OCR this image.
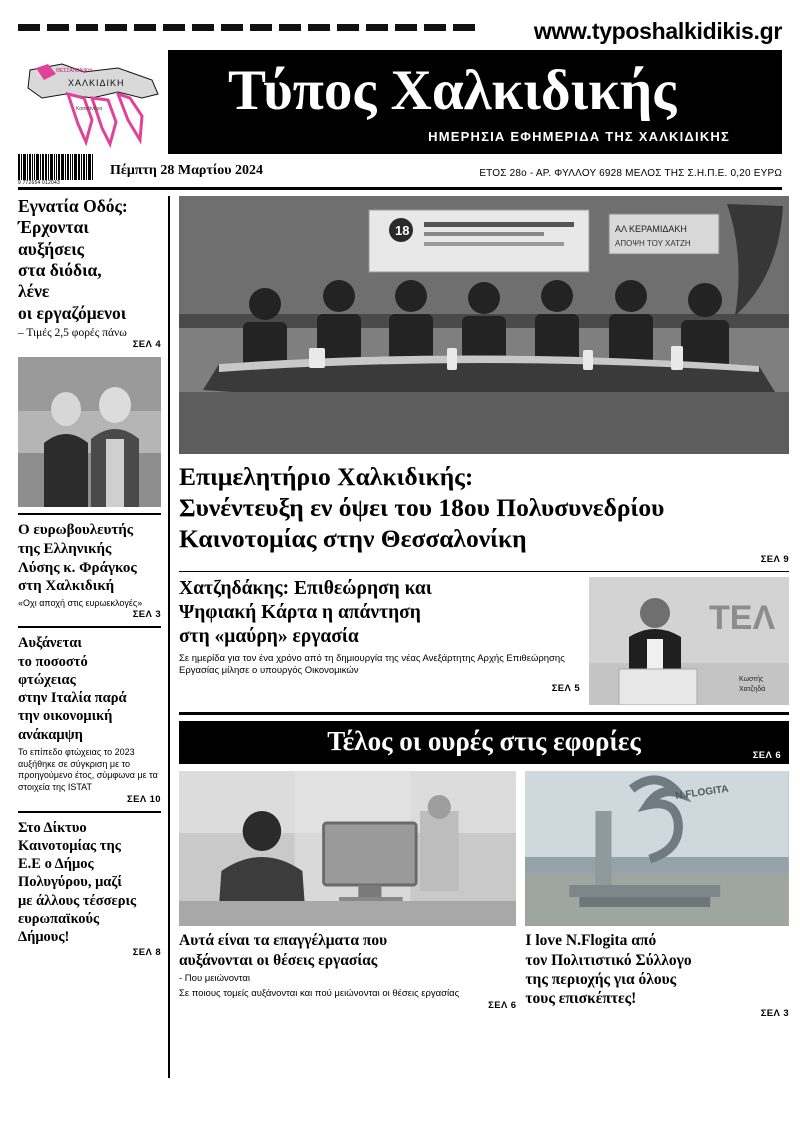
www.typoshalkidikis.gr
ΘΕΣΣΑΛΟΝΙΚΗ
ΧΑΛΚΙΔΙΚΗ
Κασσάνδρα Τύπος Χαλκιδικής
ΗΜΕΡΗΣΙΑ ΕΦΗΜΕΡΙΔΑ ΤΗΣ ΧΑΛΚΙΔΙΚΗΣ
9 772654 012043
Πέμπτη 28 Μαρτίου 2024	ΕΤΟΣ 28ο - ΑΡ. ΦΥΛΛΟΥ 6928 ΜΕΛΟΣ ΤΗΣ Σ.Η.Π.Ε. 0,20 ΕΥΡΩ
Εγνατία Οδός:
Έρχονται
αυξήσεις
στα διόδια,
λένε
οι εργαζόμενοι
– Τιμές 2,5 φορές πάνω
ΣΕΛ 4
Ο ευρωβουλευτής
της Ελληνικής
Λύσης κ. Φράγκος
στη Χαλκιδική
«Οχι αποχή στις ευρωεκλογές»
ΣΕΛ 3
Αυξάνεται
το ποσοστό
φτώχειας
στην Ιταλία παρά
την οικονομική
ανάκαμψη
Το επίπεδο φτώχειας το 2023 αυξήθηκε σε σύγκριση με το προηγούμενο έτος, σύμφωνα με τα στοιχεία της ISTAT
ΣΕΛ 10
Στο Δίκτυο
Καινοτομίας της
Ε.Ε ο Δήμος
Πολυγύρου, μαζί
με άλλους τέσσερις
ευρωπαϊκούς
Δήμους!
ΣΕΛ 8
18	ΑΛ ΚΕΡΑΜΙΔΑΚΗ
ΑΠΟΨΗ ΤΟΥ ΧΑΤΖΗ
Επιμελητήριο Χαλκιδικής:
Συνέντευξη εν όψει του 18ου Πολυσυνεδρίου
Καινοτομίας στην Θεσσαλονίκη
ΣΕΛ 9
Χατζηδάκης: Επιθεώρηση και
Ψηφιακή Κάρτα η απάντηση
στη «μαύρη» εργασία
Σε ημερίδα για τον ένα χρόνο από τη δημιουργία της νέας Ανεξάρτητης Αρχής Επιθεώρησης Εργασίας μίλησε ο υπουργός Οικονομικών
ΣΕΛ 5
ΤΕΛ
Κωστής
Χατζηδά
Τέλος οι ουρές στις εφορίες	ΣΕΛ 6
Αυτά είναι τα επαγγέλματα που
αυξάνονται οι θέσεις εργασίας
- Που μειώνονται
Σε ποιους τομείς αυξάνονται και πού μειώνονται οι θέσεις εργασίας
ΣΕΛ 6
N.FLOGITA
I love N.Flogita από
τον Πολιτιστικό Σύλλογο
της περιοχής για όλους
τους επισκέπτες!
ΣΕΛ 3
